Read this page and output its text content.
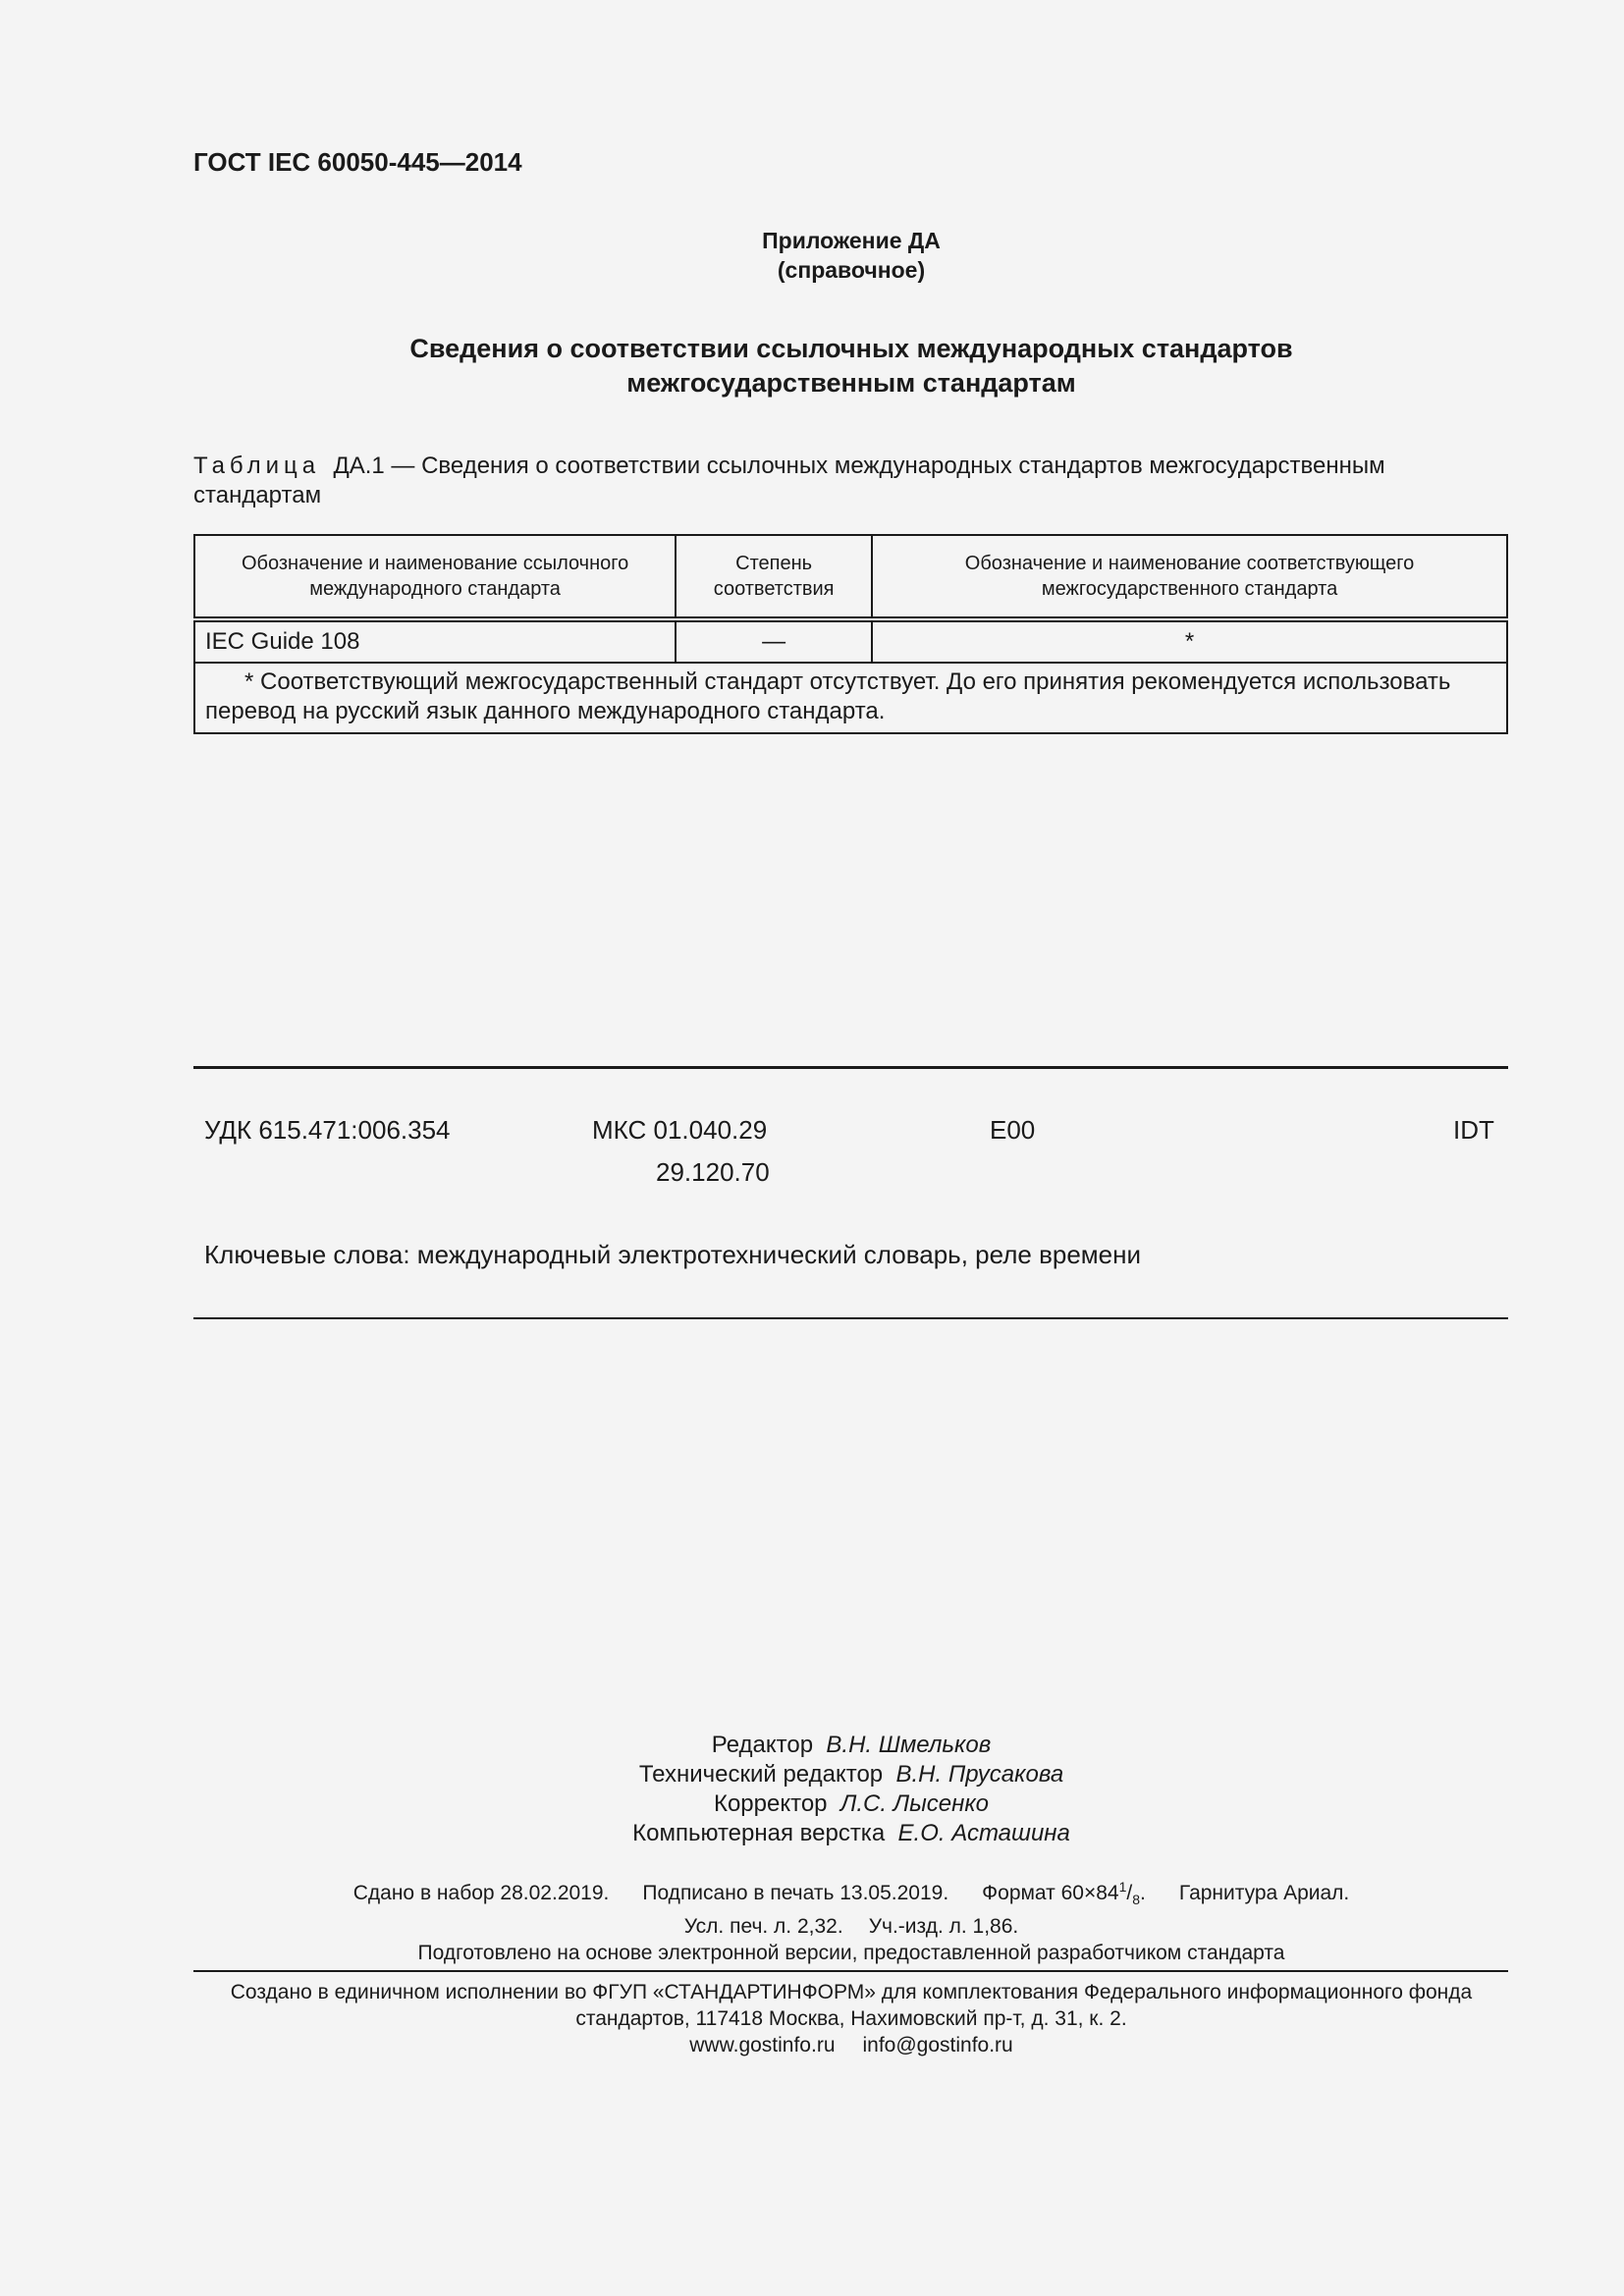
ГОСТ IEC 60050-445—2014
Приложение ДА
(справочное)
Сведения о соответствии ссылочных международных стандартов
межгосударственным стандартам
Таблица ДА.1 — Сведения о соответствии ссылочных международных стандартов межгосударственным стандартам
Обозначение и наименование ссылочного международного стандарта	Степень соответствия	Обозначение и наименование соответствующего межгосударственного стандарта
IEC Guide 108	—	*
* Соответствующий межгосударственный стандарт отсутствует. До его принятия рекомендуется использовать перевод на русский язык данного международного стандарта.		
УДК 615.471:006.354	МКС 01.040.29
29.120.70
E00	IDT
Ключевые слова: международный электротехнический словарь, реле времени
Редактор В.Н. Шмельков
Технический редактор В.Н. Прусакова
Корректор Л.С. Лысенко
Компьютерная верстка Е.О. Асташина
Сдано в набор 28.02.2019. Подписано в печать 13.05.2019. Формат $60\times 84^1/_8$. Гарнитура Ариал.
Усл. печ. л. 2,32. Уч.-изд. л. 1,86.
Подготовлено на основе электронной версии, предоставленной разработчиком стандарта
Создано в единичном исполнении во ФГУП «СТАНДАРТИНФОРМ» для комплектования Федерального информационного фонда
стандартов, 117418 Москва, Нахимовский пр-т, д. 31, к. 2.
www.gostinfo.ru info@gostinfo.ru
